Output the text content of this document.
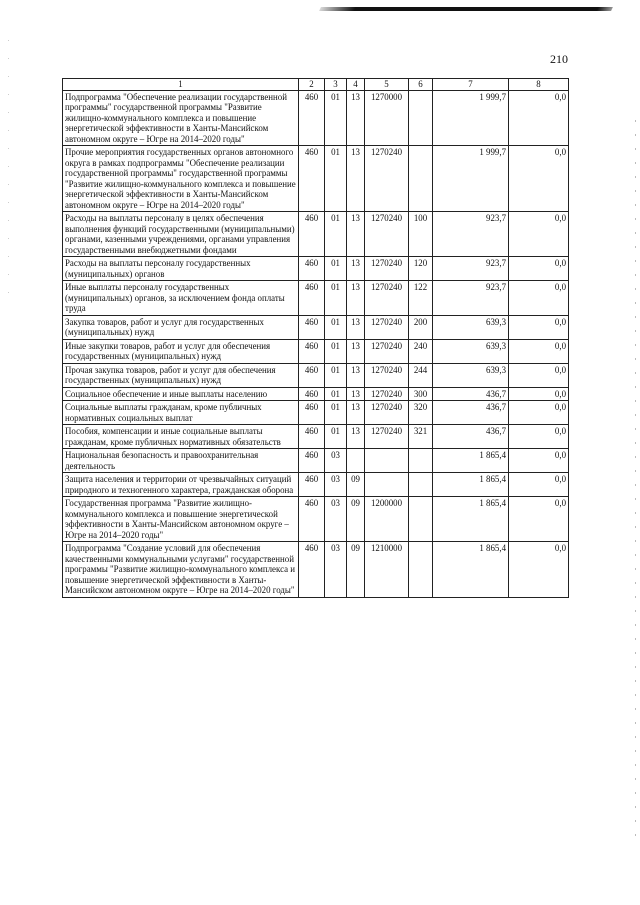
210
1	2	3	4	5	6	7	8
Подпрограмма "Обеспечение реализации государственной программы" государственной программы "Развитие жилищно-коммунального комплекса и повышение энергетической эффективности в Ханты-Мансийском автономном округе – Югре на 2014–2020 годы"	460	01	13	1270000		1 999,7	0,0
Прочие мероприятия государственных органов автономного округа в рамках подпрограммы "Обеспечение реализации государственной программы" государственной программы "Развитие жилищно-коммунального комплекса и повышение энергетической эффективности в Ханты-Мансийском автономном округе – Югре на 2014–2020 годы"	460	01	13	1270240		1 999,7	0,0
Расходы на выплаты персоналу в целях обеспечения выполнения функций государственными (муниципальными) органами, казенными учреждениями, органами управления государственными внебюджетными фондами	460	01	13	1270240	100	923,7	0,0
Расходы на выплаты персоналу государственных (муниципальных) органов	460	01	13	1270240	120	923,7	0,0
Иные выплаты персоналу государственных (муниципальных) органов, за исключением фонда оплаты труда	460	01	13	1270240	122	923,7	0,0
Закупка товаров, работ и услуг для государственных (муниципальных) нужд	460	01	13	1270240	200	639,3	0,0
Иные закупки товаров, работ и услуг для обеспечения государственных (муниципальных) нужд	460	01	13	1270240	240	639,3	0,0
Прочая закупка товаров, работ и услуг для обеспечения государственных (муниципальных) нужд	460	01	13	1270240	244	639,3	0,0
Социальное обеспечение и иные выплаты населению	460	01	13	1270240	300	436,7	0,0
Социальные выплаты гражданам, кроме публичных нормативных социальных выплат	460	01	13	1270240	320	436,7	0,0
Пособия, компенсации и иные социальные выплаты гражданам, кроме публичных нормативных обязательств	460	01	13	1270240	321	436,7	0,0
Национальная безопасность и правоохранительная деятельность	460	03				1 865,4	0,0
Защита населения и территории от чрезвычайных ситуаций природного и техногенного характера, гражданская оборона	460	03	09			1 865,4	0,0
Государственная программа "Развитие жилищно-коммунального комплекса и повышение энергетической эффективности в Ханты-Мансийском автономном округе – Югре на 2014–2020 годы"	460	03	09	1200000		1 865,4	0,0
Подпрограмма "Создание условий для обеспечения качественными коммунальными услугами" государственной программы "Развитие жилищно-коммунального комплекса и повышение энергетической эффективности в Ханты-Мансийском автономном округе – Югре на 2014–2020 годы"	460	03	09	1210000		1 865,4	0,0
